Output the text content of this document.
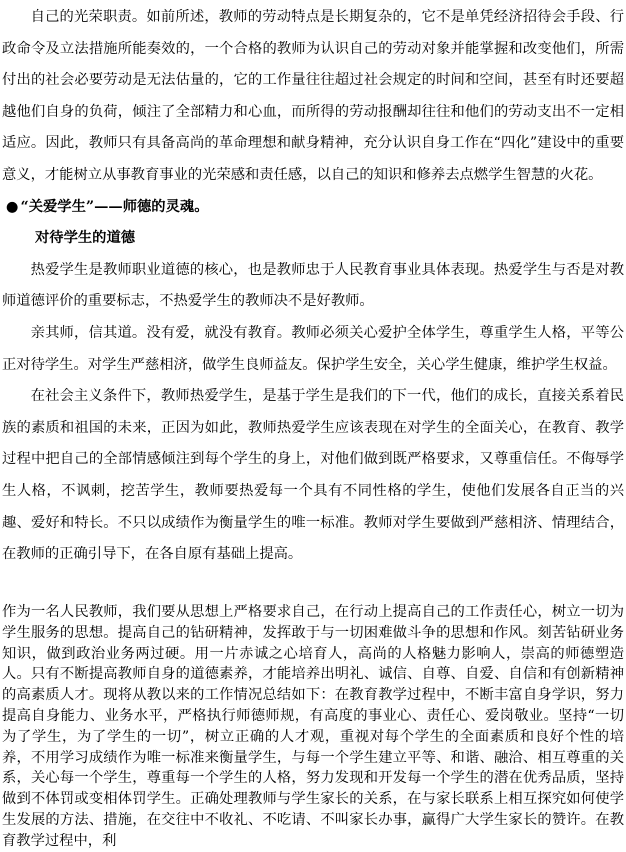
自己的光荣职责。如前所述，教师的劳动特点是长期复杂的，它不是单凭经济招待会手段、行政命令及立法措施所能奏效的，一个合格的教师为认识自己的劳动对象并能掌握和改变他们，所需付出的社会必要劳动是无法估量的，它的工作量往往超过社会规定的时间和空间，甚至有时还要超越他们自身的负荷，倾注了全部精力和心血，而所得的劳动报酬却往往和他们的劳动支出不一定相适应。因此，教师只有具备高尚的革命理想和献身精神，充分认识自身工作在“四化”建设中的重要意义，才能树立从事教育事业的光荣感和责任感，以自己的知识和修养去点燃学生智慧的火花。

● “关爱学生”——师德的灵魂。

对待学生的道德

热爱学生是教师职业道德的核心，也是教师忠于人民教育事业具体表现。热爱学生与否是对教师道德评价的重要标志，不热爱学生的教师决不是好教师。

亲其师，信其道。没有爱，就没有教育。教师必须关心爱护全体学生，尊重学生人格，平等公正对待学生。对学生严慈相济，做学生良师益友。保护学生安全，关心学生健康，维护学生权益。

在社会主义条件下，教师热爱学生，是基于学生是我们的下一代，他们的成长，直接关系着民族的素质和祖国的未来，正因为如此，教师热爱学生应该表现在对学生的全面关心，在教育、教学过程中把自己的全部情感倾注到每个学生的身上，对他们做到既严格要求，又尊重信任。不侮辱学生人格，不讽刺，挖苦学生，教师要热爱每一个具有不同性格的学生，使他们发展各自正当的兴趣、爱好和特长。不只以成绩作为衡量学生的唯一标准。教师对学生要做到严慈相济、情理结合，在教师的正确引导下，在各自原有基础上提高。

作为一名人民教师，我们要从思想上严格要求自己，在行动上提高自己的工作责任心，树立一切为学生服务的思想。提高自己的钻研精神，发挥敢于与一切困难做斗争的思想和作风。刻苦钻研业务知识，做到政治业务两过硬。用一片赤诚之心培育人，高尚的人格魅力影响人，崇高的师德塑造人。只有不断提高教师自身的道德素养，才能培养出明礼、诚信、自尊、自爱、自信和有创新精神的高素质人才。现将从教以来的工作情况总结如下：在教育教学过程中，不断丰富自身学识，努力提高自身能力、业务水平，严格执行师德师规，有高度的事业心、责任心、爱岗敬业。坚持“一切为了学生，为了学生的一切”，树立正确的人才观，重视对每个学生的全面素质和良好个性的培养，不用学习成绩作为唯一标准来衡量学生，与每一个学生建立平等、和谐、融洽、相互尊重的关系，关心每一个学生，尊重每一个学生的人格，努力发现和开发每一个学生的潜在优秀品质，坚持做到不体罚或变相体罚学生。正确处理教师与学生家长的关系，在与家长联系上相互探究如何使学生发展的方法、措施，在交往中不收礼、不吃请、不叫家长办事，赢得广大学生家长的赞许。在教育教学过程中，利
